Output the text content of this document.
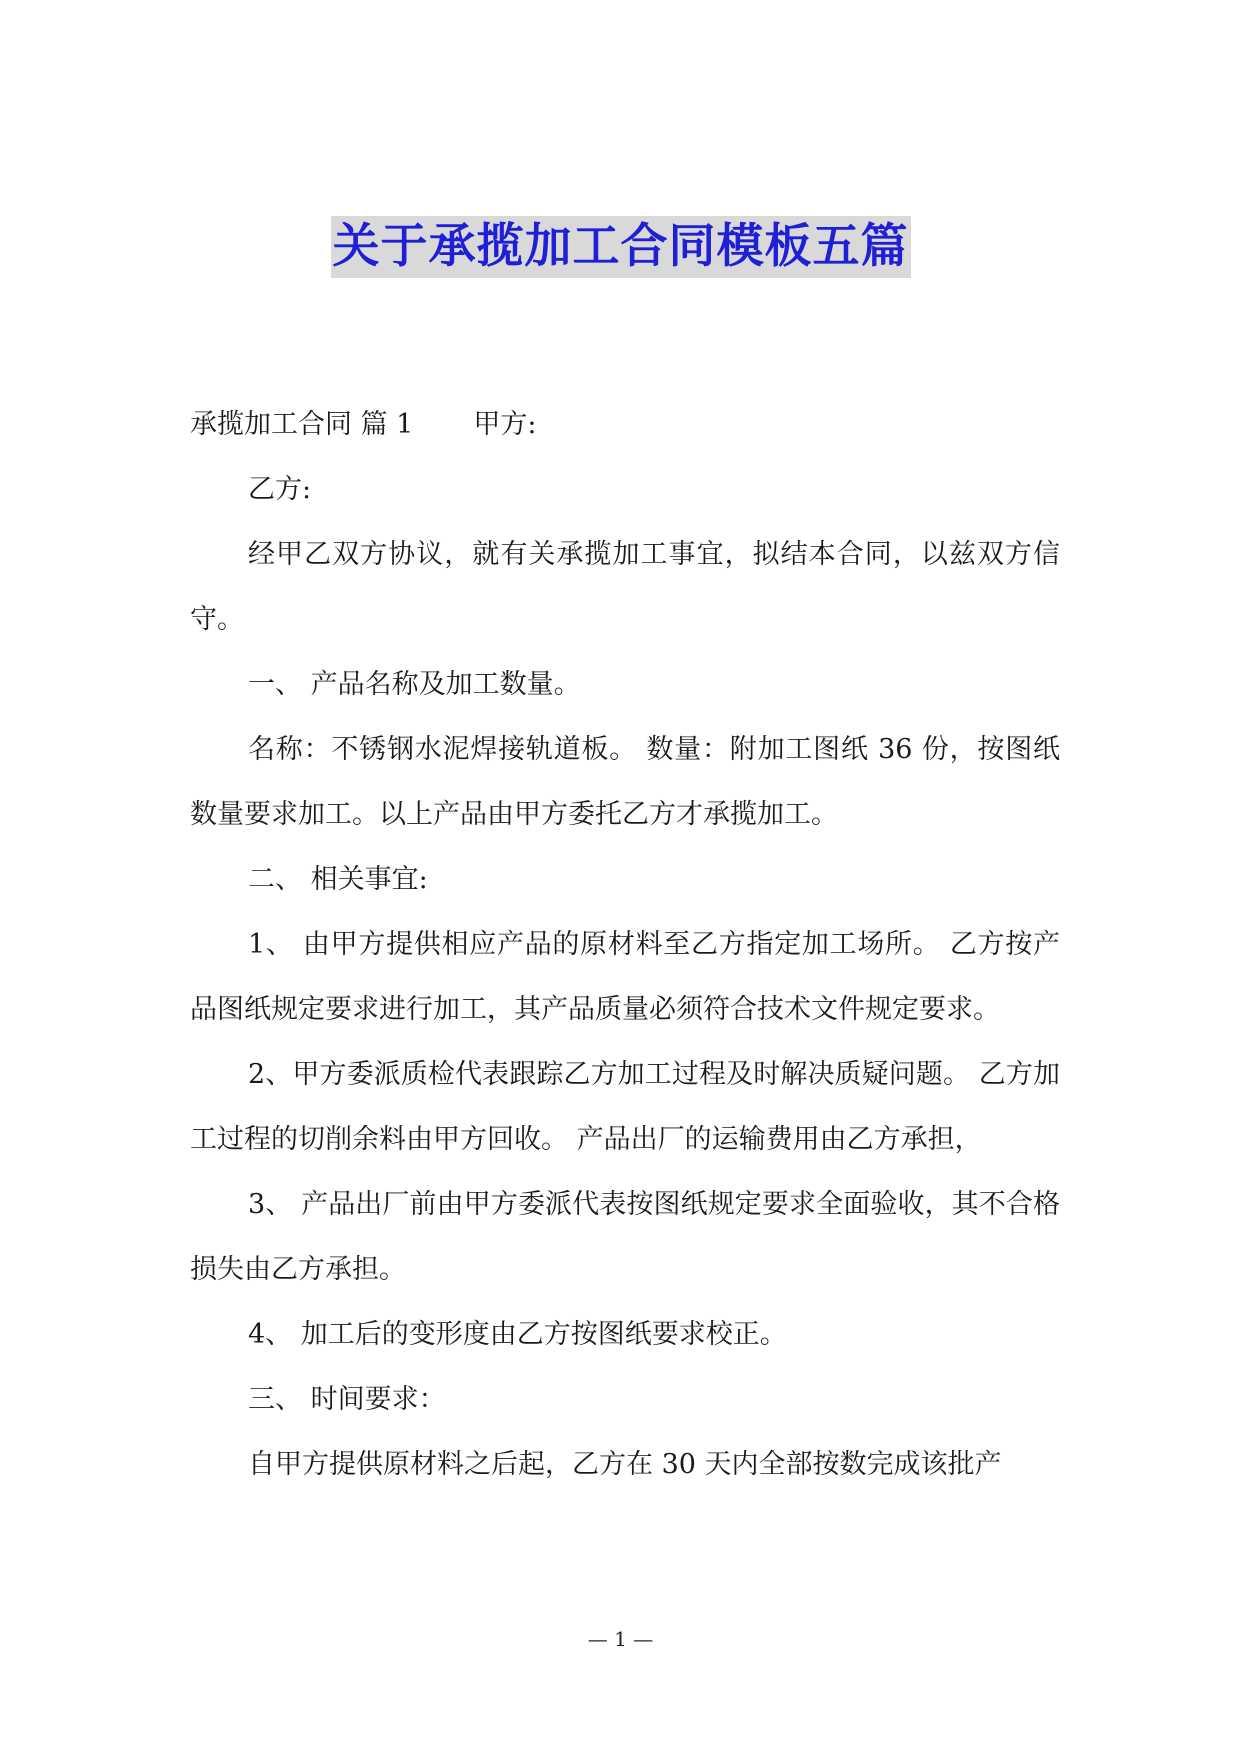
关于承揽加工合同模板五篇

承揽加工合同 篇 1 甲方:

乙方:

经甲乙双方协议，就有关承揽加工事宜，拟结本合同，以兹双方信守。

一、 产品名称及加工数量。

名称：不锈钢水泥焊接轨道板。 数量：附加工图纸 36 份，按图纸数量要求加工。以上产品由甲方委托乙方才承揽加工。

二、 相关事宜:

1、 由甲方提供相应产品的原材料至乙方指定加工场所。 乙方按产品图纸规定要求进行加工，其产品质量必须符合技术文件规定要求。

2、甲方委派质检代表跟踪乙方加工过程及时解决质疑问题。 乙方加工过程的切削余料由甲方回收。 产品出厂的运输费用由乙方承担，

3、 产品出厂前由甲方委派代表按图纸规定要求全面验收，其不合格损失由乙方承担。

4、 加工后的变形度由乙方按图纸要求校正。

三、 时间要求：

自甲方提供原材料之后起，乙方在 30 天内全部按数完成该批产

— 1 —
